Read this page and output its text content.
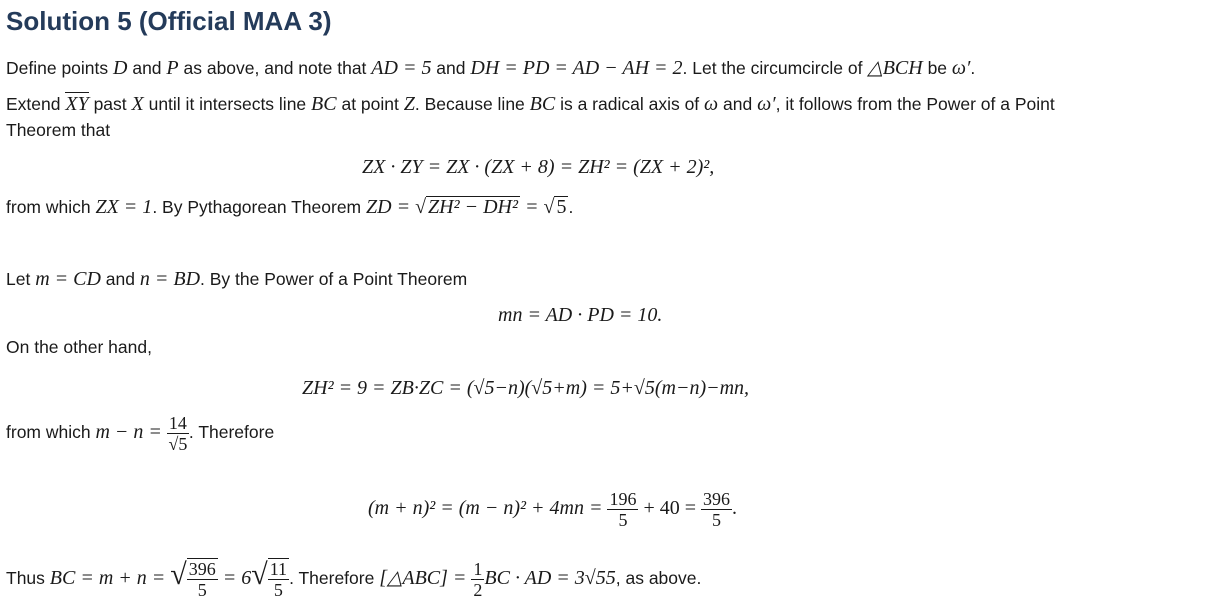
Solution 5 (Official MAA 3)
Define points D and P as above, and note that AD = 5 and DH = PD = AD − AH = 2. Let the circumcircle of △BCH be ω′.
Extend XY past X until it intersects line BC at point Z. Because line BC is a radical axis of ω and ω′, it follows from the Power of a Point
Theorem that
ZX · ZY = ZX · (ZX + 8) = ZH² = (ZX + 2)²,
from which ZX = 1. By Pythagorean Theorem ZD = √ ZH² − DH² = √ 5 .
Let m = CD and n = BD. By the Power of a Point Theorem
mn = AD · PD = 10.
On the other hand,
ZH² = 9 = ZB·ZC = (√5−n)(√5+m) = 5+√5(m−n)−mn,
from which $m - n = \frac{14}{√5}$ . Therefore
$(m + n)^2 = (m - n)^2 + 4mn = \frac{196}{5} + 40 = \frac{396}{5}$ .
Thus BC = m + n = √ $\frac{396}{5} = 6√ \frac{11}{5}$ . Therefore [△ABC] = $\frac{1}{2}$ BC · AD = 3√55, as above.
